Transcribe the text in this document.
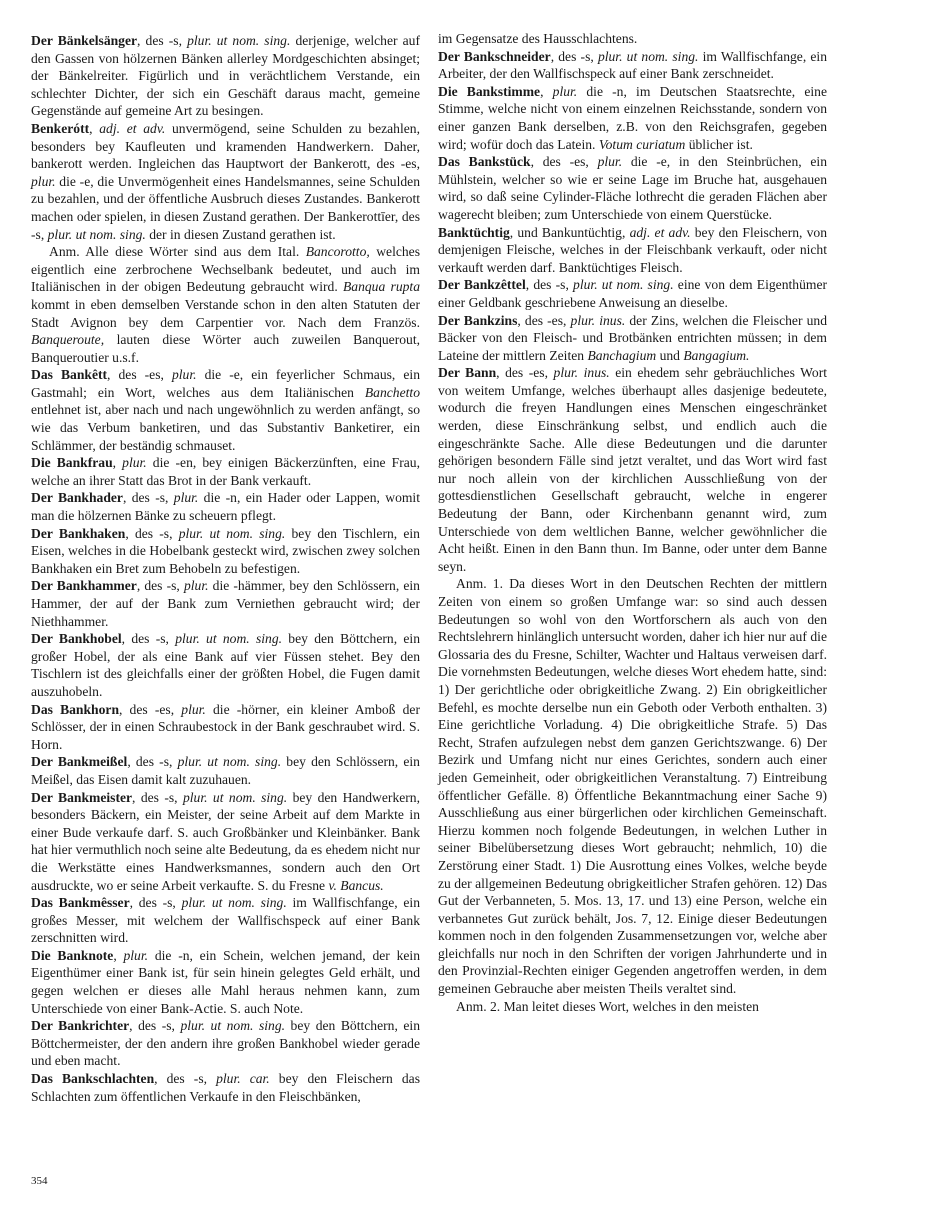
Der Bänkelsänger, des -s, plur. ut nom. sing. derjenige, welcher auf den Gassen von hölzernen Bänken allerley Mordgeschichten absinget; der Bänkelreiter. Figürlich und in verächtlichem Verstande, ein schlechter Dichter, der sich ein Geschäft daraus macht, gemeine Gegenstände auf gemeine Art zu besingen.

Benkerótt, adj. et adv. unvermögend, seine Schulden zu bezahlen, besonders bey Kaufleuten und kramenden Handwerkern. Daher, bankerott werden. Ingleichen das Hauptwort der Bankerott, des -es, plur. die -e, die Unvermögenheit eines Handelsmannes, seine Schulden zu bezahlen, und der öffentliche Ausbruch dieses Zustandes. Bankerott machen oder spielen, in diesen Zustand gerathen. Der Bankerottīer, des -s, plur. ut nom. sing. der in diesen Zustand gerathen ist.

Anm. Alle diese Wörter sind aus dem Ital. Bancorotto, welches eigentlich eine zerbrochene Wechselbank bedeutet, und auch im Italiänischen in der obigen Bedeutung gebraucht wird. Banqua rupta kommt in eben demselben Verstande schon in den alten Statuten der Stadt Avignon bey dem Carpentier vor. Nach dem Französ. Banqueroute, lauten diese Wörter auch zuweilen Banquerout, Banqueroutier u.s.f.

Das Bankêtt, des -es, plur. die -e, ein feyerlicher Schmaus, ein Gastmahl; ein Wort, welches aus dem Italiänischen Banchetto entlehnet ist, aber nach und nach ungewöhnlich zu werden anfängt, so wie das Verbum banketiren, und das Substantiv Banketirer, ein Schlämmer, der beständig schmauset.

Die Bankfrau, plur. die -en, bey einigen Bäckerzünften, eine Frau, welche an ihrer Statt das Brot in der Bank verkauft.

Der Bankhader, des -s, plur. die -n, ein Hader oder Lappen, womit man die hölzernen Bänke zu scheuern pflegt.

Der Bankhaken, des -s, plur. ut nom. sing. bey den Tischlern, ein Eisen, welches in die Hobelbank gesteckt wird, zwischen zwey solchen Bankhaken ein Bret zum Behobeln zu befestigen.

Der Bankhammer, des -s, plur. die -hämmer, bey den Schlössern, ein Hammer, der auf der Bank zum Verniethen gebraucht wird; der Niethhammer.

Der Bankhobel, des -s, plur. ut nom. sing. bey den Böttchern, ein großer Hobel, der als eine Bank auf vier Füssen stehet. Bey den Tischlern ist des gleichfalls einer der größten Hobel, die Fugen damit auszuhobeln.

Das Bankhorn, des -es, plur. die -hörner, ein kleiner Amboß der Schlösser, der in einen Schraubestock in der Bank geschraubet wird. S. Horn.

Der Bankmeißel, des -s, plur. ut nom. sing. bey den Schlössern, ein Meißel, das Eisen damit kalt zuzuhauen.

Der Bankmeister, des -s, plur. ut nom. sing. bey den Handwerkern, besonders Bäckern, ein Meister, der seine Arbeit auf dem Markte in einer Bude verkaufe darf. S. auch Großbänker und Kleinbänker. Bank hat hier vermuthlich noch seine alte Bedeutung, da es ehedem nicht nur die Werkstätte eines Handwerksmannes, sondern auch den Ort ausdruckte, wo er seine Arbeit verkaufte. S. du Fresne v. Bancus.

Das Bankmêsser, des -s, plur. ut nom. sing. im Wallfischfange, ein großes Messer, mit welchem der Wallfischspeck auf einer Bank zerschnitten wird.

Die Banknote, plur. die -n, ein Schein, welchen jemand, der kein Eigenthümer einer Bank ist, für sein hinein gelegtes Geld erhält, und gegen welchen er dieses alle Mahl heraus nehmen kann, zum Unterschiede von einer Bank-Actie. S. auch Note.

Der Bankrichter, des -s, plur. ut nom. sing. bey den Böttchern, ein Böttchermeister, der den andern ihre großen Bankhobel wieder gerade und eben macht.

Das Bankschlachten, des -s, plur. car. bey den Fleischern das Schlachten zum öffentlichen Verkaufe in den Fleischbänken,

im Gegensatze des Hausschlachtens.

Der Bankschneider, des -s, plur. ut nom. sing. im Wallfischfange, ein Arbeiter, der den Wallfischspeck auf einer Bank zerschneidet.

Die Bankstimme, plur. die -n, im Deutschen Staatsrechte, eine Stimme, welche nicht von einem einzelnen Reichsstande, sondern von einer ganzen Bank derselben, z.B. von den Reichsgrafen, gegeben wird; wofür doch das Latein. Votum curiatum üblicher ist.

Das Bankstück, des -es, plur. die -e, in den Steinbrüchen, ein Mühlstein, welcher so wie er seine Lage im Bruche hat, ausgehauen wird, so daß seine Cylinder-Fläche lothrecht die geraden Flächen aber wagerecht bleiben; zum Unterschiede von einem Querstücke.

Banktüchtig, und Bankuntüchtig, adj. et adv. bey den Fleischern, von demjenigen Fleische, welches in der Fleischbank verkauft, oder nicht verkauft werden darf. Banktüchtiges Fleisch.

Der Bankzêttel, des -s, plur. ut nom. sing. eine von dem Eigenthümer einer Geldbank geschriebene Anweisung an dieselbe.

Der Bankzins, des -es, plur. inus. der Zins, welchen die Fleischer und Bäcker von den Fleisch- und Brotbänken entrichten müssen; in dem Lateine der mittlern Zeiten Banchagium und Bangagium.

Der Bann, des -es, plur. inus. ein ehedem sehr gebräuchliches Wort von weitem Umfange, welches überhaupt alles dasjenige bedeutete, wodurch die freyen Handlungen eines Menschen eingeschränket werden, diese Einschränkung selbst, und endlich auch die eingeschränkte Sache. Alle diese Bedeutungen und die darunter gehörigen besondern Fälle sind jetzt veraltet, und das Wort wird fast nur noch allein von der kirchlichen Ausschließung von der gottesdienstlichen Gesellschaft gebraucht, welche in engerer Bedeutung der Bann, oder Kirchenbann genannt wird, zum Unterschiede von dem weltlichen Banne, welcher gewöhnlicher die Acht heißt. Einen in den Bann thun. Im Banne, oder unter dem Banne seyn.

Anm. 1. Da dieses Wort in den Deutschen Rechten der mittlern Zeiten von einem so großen Umfange war: so sind auch dessen Bedeutungen so wohl von den Wortforschern als auch von den Rechtslehrern hinlänglich untersucht worden, daher ich hier nur auf die Glossaria des du Fresne, Schilter, Wachter und Haltaus verweisen darf. Die vornehmsten Bedeutungen, welche dieses Wort ehedem hatte, sind: 1) Der gerichtliche oder obrigkeitliche Zwang. 2) Ein obrigkeitlicher Befehl, es mochte derselbe nun ein Geboth oder Verboth enthalten. 3) Eine gerichtliche Vorladung. 4) Die obrigkeitliche Strafe. 5) Das Recht, Strafen aufzulegen nebst dem ganzen Gerichtszwange. 6) Der Bezirk und Umfang nicht nur eines Gerichtes, sondern auch einer jeden Gemeinheit, oder obrigkeitlichen Veranstaltung. 7) Eintreibung öffentlicher Gefälle. 8) Öffentliche Bekanntmachung einer Sache 9) Ausschließung aus einer bürgerlichen oder kirchlichen Gemeinschaft. Hierzu kommen noch folgende Bedeutungen, in welchen Luther in seiner Bibelübersetzung dieses Wort gebraucht; nehmlich, 10) die Zerstörung einer Stadt. 1) Die Ausrottung eines Volkes, welche beyde zu der allgemeinen Bedeutung obrigkeitlicher Strafen gehören. 12) Das Gut der Verbanneten, 5. Mos. 13, 17. und 13) eine Person, welche ein verbannetes Gut zurück behält, Jos. 7, 12. Einige dieser Bedeutungen kommen noch in den folgenden Zusammensetzungen vor, welche aber gleichfalls nur noch in den Schriften der vorigen Jahrhunderte und in den Provinzial-Rechten einiger Gegenden angetroffen werden, in dem gemeinen Gebrauche aber meisten Theils veraltet sind.

Anm. 2. Man leitet dieses Wort, welches in den meisten

354
